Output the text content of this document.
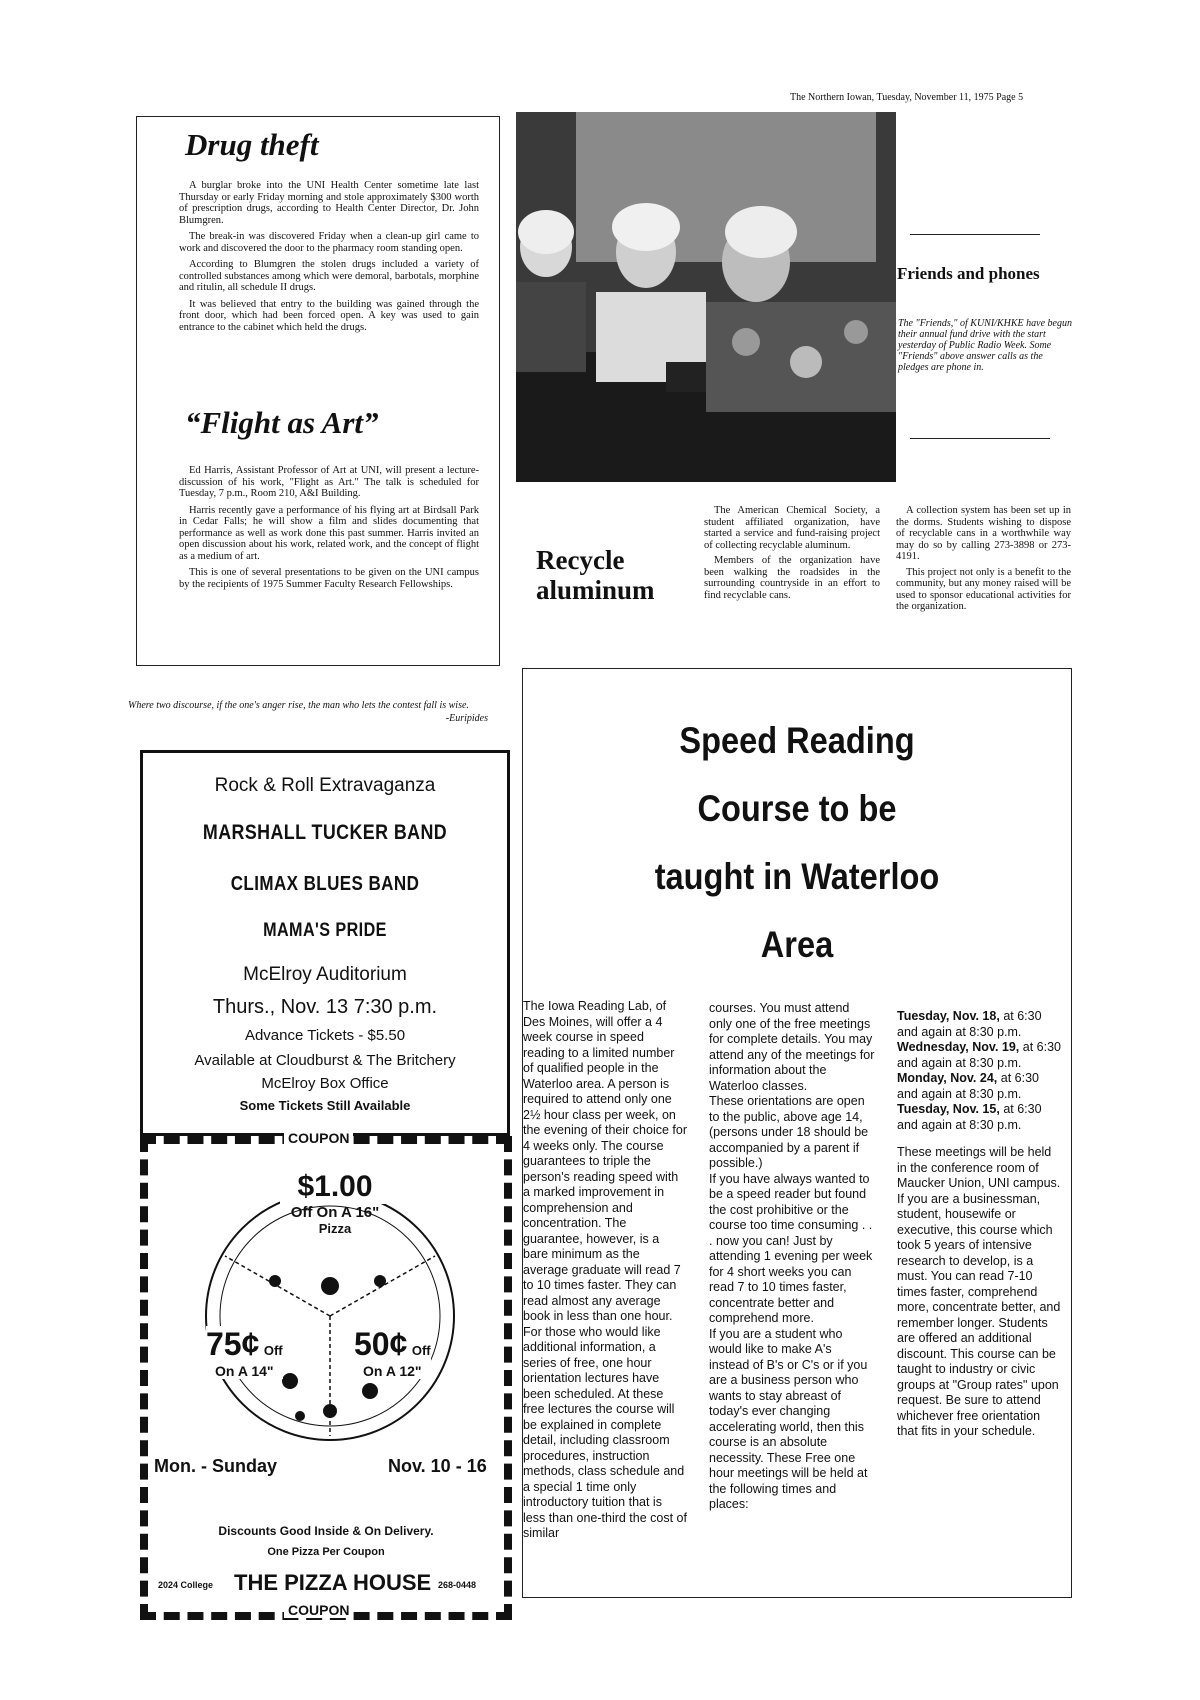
The Northern Iowan, Tuesday, November 11, 1975 Page 5
Drug theft

A burglar broke into the UNI Health Center sometime late last Thursday or early Friday morning and stole approximately $300 worth of prescription drugs, according to Health Center Director, Dr. John Blumgren.

The break-in was discovered Friday when a clean-up girl came to work and discovered the door to the pharmacy room standing open.

According to Blumgren the stolen drugs included a variety of controlled substances among which were demoral, barbotals, morphine and ritulin, all schedule II drugs.

It was believed that entry to the building was gained through the front door, which had been forced open. A key was used to gain entrance to the cabinet which held the drugs.

“Flight as Art”

Ed Harris, Assistant Professor of Art at UNI, will present a lecture-discussion of his work, "Flight as Art." The talk is scheduled for Tuesday, 7 p.m., Room 210, A&I Building.

Harris recently gave a performance of his flying art at Birdsall Park in Cedar Falls; he will show a film and slides documenting that performance as well as work done this past summer. Harris invited an open discussion about his work, related work, and the concept of flight as a medium of art.

This is one of several presentations to be given on the UNI campus by the recipients of 1975 Summer Faculty Research Fellowships.

Friends and phones
The "Friends," of KUNI/KHKE have begun their annual fund drive with the start yesterday of Public Radio Week. Some "Friends" above answer calls as the pledges are phone in.
Recycle
aluminum

The American Chemical Society, a student affiliated organization, have started a service and fund-raising project of collecting recyclable aluminum.

Members of the organization have been walking the roadsides in the surrounding countryside in an effort to find recyclable cans.

A collection system has been set up in the dorms. Students wishing to dispose of recyclable cans in a worthwhile way may do so by calling 273-3898 or 273-4191.

This project not only is a benefit to the community, but any money raised will be used to sponsor educational activities for the organization.

Where two discourse, if the one's anger rise, the man who lets the contest fall is wise.
-Euripides
Rock & Roll Extravaganza
MARSHALL TUCKER BAND
CLIMAX BLUES BAND
MAMA'S PRIDE
McElroy Auditorium
Thurs., Nov. 13 7:30 p.m.
Advance Tickets - $5.50
Available at Cloudburst & The Britchery
McElroy Box Office
Some Tickets Still Available
COUPON
$1.00
Off On A 16"
Pizza
75¢ Off
On A 14"
50¢ Off
On A 12"
Mon. - Sunday	Nov. 10 - 16
Discounts Good Inside & On Delivery.
One Pizza Per Coupon
2024 College THE PIZZA HOUSE 268-0448
COUPON
Speed Reading
Course to be
taught in Waterloo
Area
The Iowa Reading Lab, of Des Moines, will offer a 4 week course in speed reading to a limited number of qualified people in the Waterloo area. A person is required to attend only one 2½ hour class per week, on the evening of their choice for 4 weeks only. The course guarantees to triple the person's reading speed with a marked improvement in comprehension and concentration. The guarantee, however, is a bare minimum as the average graduate will read 7 to 10 times faster. They can read almost any average book in less than one hour.
For those who would like additional information, a series of free, one hour orientation lectures have been scheduled. At these free lectures the course will be explained in complete detail, including classroom procedures, instruction methods, class schedule and a special 1 time only introductory tuition that is less than one-third the cost of similar
courses. You must attend only one of the free meetings for complete details. You may attend any of the meetings for information about the Waterloo classes.
These orientations are open to the public, above age 14, (persons under 18 should be accompanied by a parent if possible.)
If you have always wanted to be a speed reader but found the cost prohibitive or the course too time consuming . . . now you can! Just by attending 1 evening per week for 4 short weeks you can read 7 to 10 times faster, concentrate better and comprehend more.
If you are a student who would like to make A's instead of B's or C's or if you are a business person who wants to stay abreast of today's ever changing accelerating world, then this course is an absolute necessity. These Free one hour meetings will be held at the following times and places:

Tuesday, Nov. 18, at 6:30 and again at 8:30 p.m.

Wednesday, Nov. 19, at 6:30 and again at 8:30 p.m.

Monday, Nov. 24, at 6:30 and again at 8:30 p.m.

Tuesday, Nov. 15, at 6:30 and again at 8:30 p.m.

These meetings will be held in the conference room of Maucker Union, UNI campus.
If you are a businessman, student, housewife or executive, this course which took 5 years of intensive research to develop, is a must. You can read 7-10 times faster, comprehend more, concentrate better, and remember longer. Students are offered an additional discount. This course can be taught to industry or civic groups at "Group rates" upon request. Be sure to attend whichever free orientation that fits in your schedule.
